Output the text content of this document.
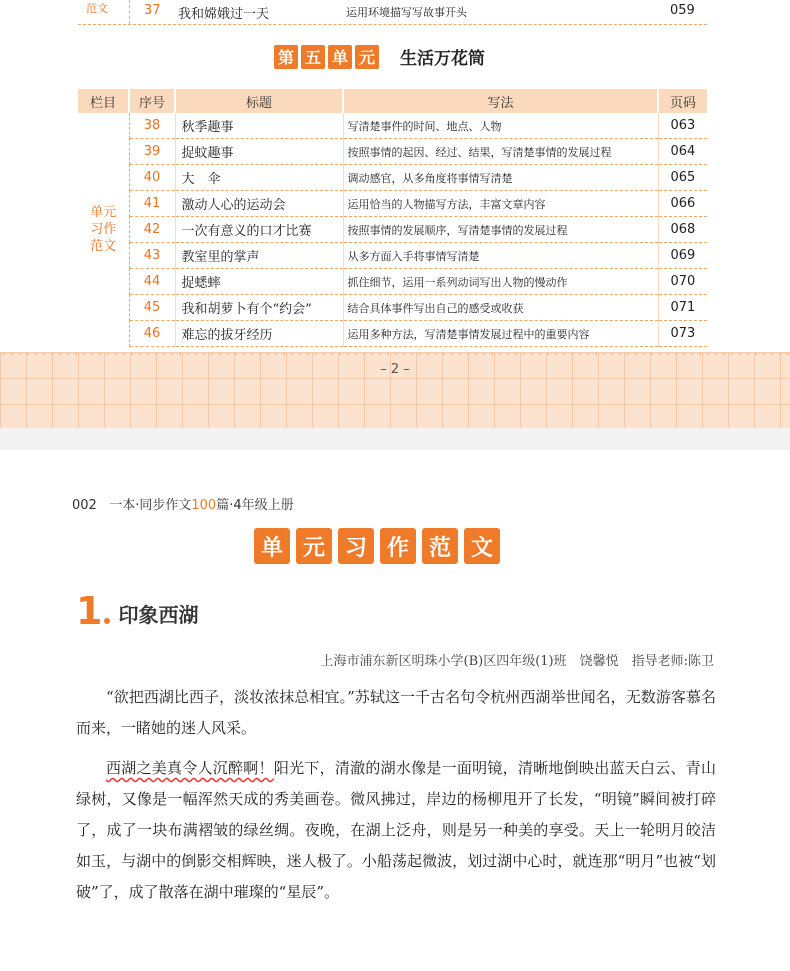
范文	37 我和嫦娥过一天	运用环境描写写故事开头	059
第 五 单 元 生活万花筒
栏目	序号	标题	写法	页码
单元
习作
范文	38	秋季趣事	写清楚事件的时间、地点、人物	063
	39	捉蚊趣事	按照事情的起因、经过、结果，写清楚事情的发展过程	064
	40	大　伞	调动感官，从多角度将事情写清楚	065
	41	激动人心的运动会	运用恰当的人物描写方法，丰富文章内容	066
	42	一次有意义的口才比赛	按照事情的发展顺序，写清楚事情的发展过程	068
	43	教室里的掌声	从多方面入手将事情写清楚	069
	44	捉蟋蟀	抓住细节，运用一系列动词写出人物的慢动作	070
	45	我和胡萝卜有个“约会”	结合具体事件写出自己的感受或收获	071
	46	难忘的拔牙经历	运用多种方法，写清楚事情发展过程中的重要内容	073
– 2 –
002 一本·同步作文100篇·4年级上册
单 元 习 作 范 文
1 印象西湖
上海市浦东新区明珠小学(B)区四年级(1)班　饶馨悦　指导老师:陈卫

“欲把西湖比西子，淡妆浓抹总相宜。”苏轼这一千古名句令杭州西湖举世闻名，无数游客慕名而来，一睹她的迷人风采。

西湖之美真令人沉醉啊！阳光下，清澈的湖水像是一面明镜，清晰地倒映出蓝天白云、青山绿树，又像是一幅浑然天成的秀美画卷。微风拂过，岸边的杨柳甩开了长发，“明镜”瞬间被打碎了，成了一块布满褶皱的绿丝绸。夜晚，在湖上泛舟，则是另一种美的享受。天上一轮明月皎洁如玉，与湖中的倒影交相辉映，迷人极了。小船荡起微波，划过湖中心时，就连那“明月”也被“划破”了，成了散落在湖中璀璨的“星辰”。
